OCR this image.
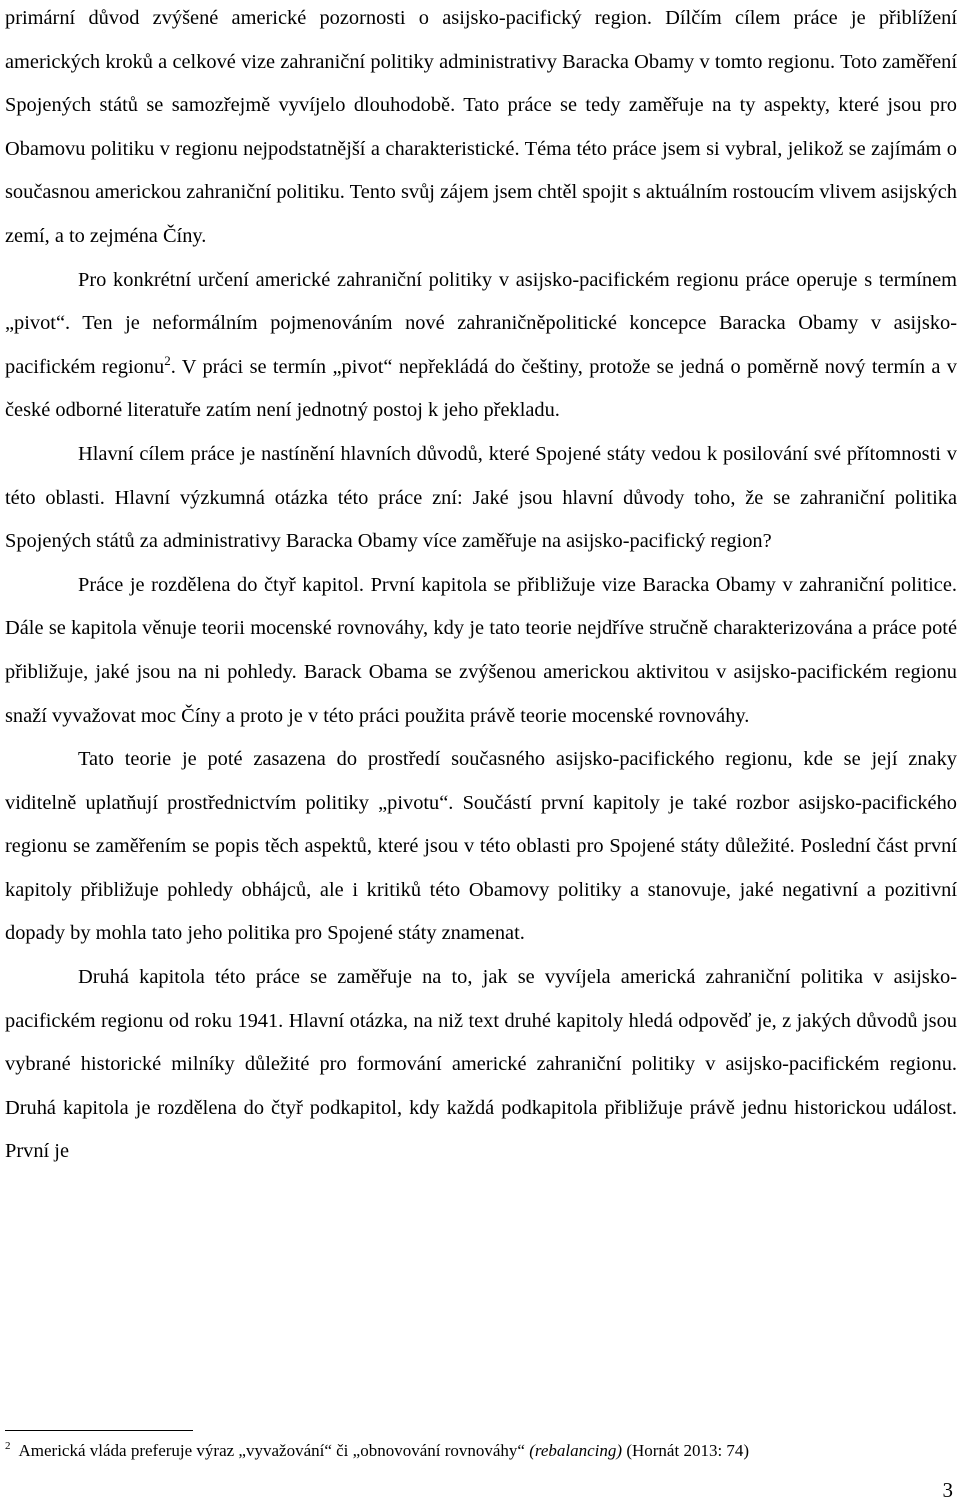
primární důvod zvýšené americké pozornosti o asijsko-pacifický region. Dílčím cílem práce je přiblížení amerických kroků a celkové vize zahraniční politiky administrativy Baracka Obamy v tomto regionu. Toto zaměření Spojených států se samozřejmě vyvíjelo dlouhodobě. Tato práce se tedy zaměřuje na ty aspekty, které jsou pro Obamovu politiku v regionu nejpodstatnější a charakteristické. Téma této práce jsem si vybral, jelikož se zajímám o současnou americkou zahraniční politiku. Tento svůj zájem jsem chtěl spojit s aktuálním rostoucím vlivem asijských zemí, a to zejména Číny.

Pro konkrétní určení americké zahraniční politiky v asijsko-pacifickém regionu práce operuje s termínem „pivot“. Ten je neformálním pojmenováním nové zahraničněpolitické koncepce Baracka Obamy v asijsko-pacifickém regionu$^2$. V práci se termín „pivot“ nepřekládá do češtiny, protože se jedná o poměrně nový termín a v české odborné literatuře zatím není jednotný postoj k jeho překladu.

Hlavní cílem práce je nastínění hlavních důvodů, které Spojené státy vedou k posilování své přítomnosti v této oblasti. Hlavní výzkumná otázka této práce zní: Jaké jsou hlavní důvody toho, že se zahraniční politika Spojených států za administrativy Baracka Obamy více zaměřuje na asijsko-pacifický region?

Práce je rozdělena do čtyř kapitol. První kapitola se přibližuje vize Baracka Obamy v zahraniční politice. Dále se kapitola věnuje teorii mocenské rovnováhy, kdy je tato teorie nejdříve stručně charakterizována a práce poté přibližuje, jaké jsou na ni pohledy. Barack Obama se zvýšenou americkou aktivitou v asijsko-pacifickém regionu snaží vyvažovat moc Číny a proto je v této práci použita právě teorie mocenské rovnováhy.

Tato teorie je poté zasazena do prostředí současného asijsko-pacifického regionu, kde se její znaky viditelně uplatňují prostřednictvím politiky „pivotu“. Součástí první kapitoly je také rozbor asijsko-pacifického regionu se zaměřením se popis těch aspektů, které jsou v této oblasti pro Spojené státy důležité. Poslední část první kapitoly přibližuje pohledy obhájců, ale i kritiků této Obamovy politiky a stanovuje, jaké negativní a pozitivní dopady by mohla tato jeho politika pro Spojené státy znamenat.

Druhá kapitola této práce se zaměřuje na to, jak se vyvíjela americká zahraniční politika v asijsko-pacifickém regionu od roku 1941. Hlavní otázka, na niž text druhé kapitoly hledá odpověď je, z jakých důvodů jsou vybrané historické milníky důležité pro formování americké zahraniční politiky v asijsko-pacifickém regionu. Druhá kapitola je rozdělena do čtyř podkapitol, kdy každá podkapitola přibližuje právě jednu historickou událost. První je

$^2$ Americká vláda preferuje výraz „vyvažování“ či „obnovování rovnováhy“ (rebalancing) (Hornát 2013: 74)
3
